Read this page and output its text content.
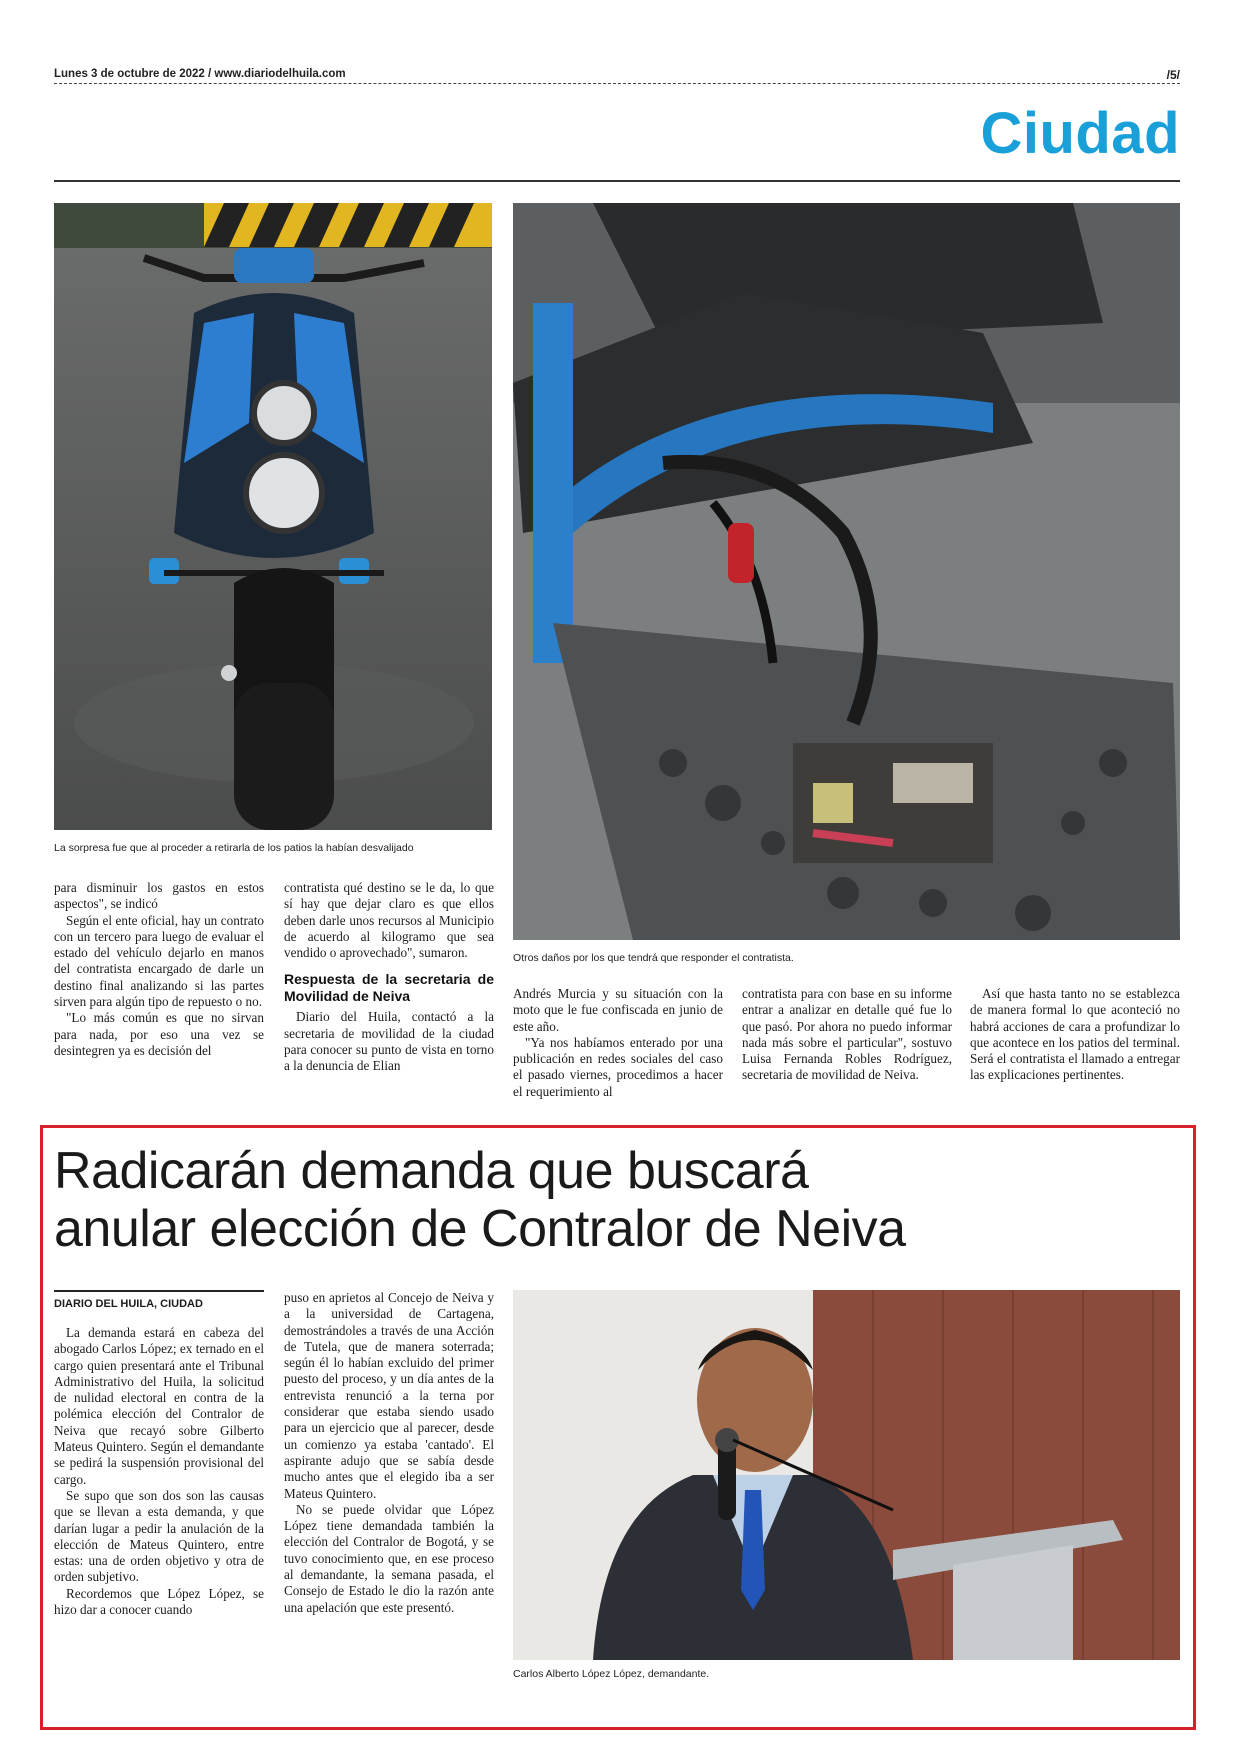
Lunes 3 de octubre de 2022 / www.diariodelhuila.com	/5/
Ciudad
La sorpresa fue que al proceder a retirarla de los patios la habían desvalijado
Otros daños por los que tendrá que responder el contratista.

para disminuir los gastos en estos aspectos", se indicó

Según el ente oficial, hay un contrato con un tercero para luego de evaluar el estado del vehículo dejarlo en manos del contratista encargado de darle un destino final analizando si las partes sirven para algún tipo de repuesto o no.

"Lo más común es que no sirvan para nada, por eso una vez se desintegren ya es decisión del

contratista qué destino se le da, lo que sí hay que dejar claro es que ellos deben darle unos recursos al Municipio de acuerdo al kilogramo que sea vendido o aprovechado", sumaron.

Respuesta de la secretaria de Movilidad de Neiva

Diario del Huila, contactó a la secretaria de movilidad de la ciudad para conocer su punto de vista en torno a la denuncia de Elian

Andrés Murcia y su situación con la moto que le fue confiscada en junio de este año.

"Ya nos habíamos enterado por una publicación en redes sociales del caso el pasado viernes, procedimos a hacer el requerimiento al

contratista para con base en su informe entrar a analizar en detalle qué fue lo que pasó. Por ahora no puedo informar nada más sobre el particular", sostuvo Luisa Fernanda Robles Rodríguez, secretaria de movilidad de Neiva.

Así que hasta tanto no se establezca de manera formal lo que aconteció no habrá acciones de cara a profundizar lo que acontece en los patios del terminal. Será el contratista el llamado a entregar las explicaciones pertinentes.

Radicarán demanda que buscará
anular elección de Contralor de Neiva
DIARIO DEL HUILA, CIUDAD

La demanda estará en cabeza del abogado Carlos López; ex ternado en el cargo quien presentará ante el Tribunal Administrativo del Huila, la solicitud de nulidad electoral en contra de la polémica elección del Contralor de Neiva que recayó sobre Gilberto Mateus Quintero. Según el demandante se pedirá la suspensión provisional del cargo.

Se supo que son dos son las causas que se llevan a esta demanda, y que darían lugar a pedir la anulación de la elección de Mateus Quintero, entre estas: una de orden objetivo y otra de orden subjetivo.

Recordemos que López López, se hizo dar a conocer cuando

puso en aprietos al Concejo de Neiva y a la universidad de Cartagena, demostrándoles a través de una Acción de Tutela, que de manera soterrada; según él lo habían excluido del primer puesto del proceso, y un día antes de la entrevista renunció a la terna por considerar que estaba siendo usado para un ejercicio que al parecer, desde un comienzo ya estaba 'cantado'. El aspirante adujo que se sabía desde mucho antes que el elegido iba a ser Mateus Quintero.

No se puede olvidar que López López tiene demandada también la elección del Contralor de Bogotá, y se tuvo conocimiento que, en ese proceso al demandante, la semana pasada, el Consejo de Estado le dio la razón ante una apelación que este presentó.

Carlos Alberto López López, demandante.
